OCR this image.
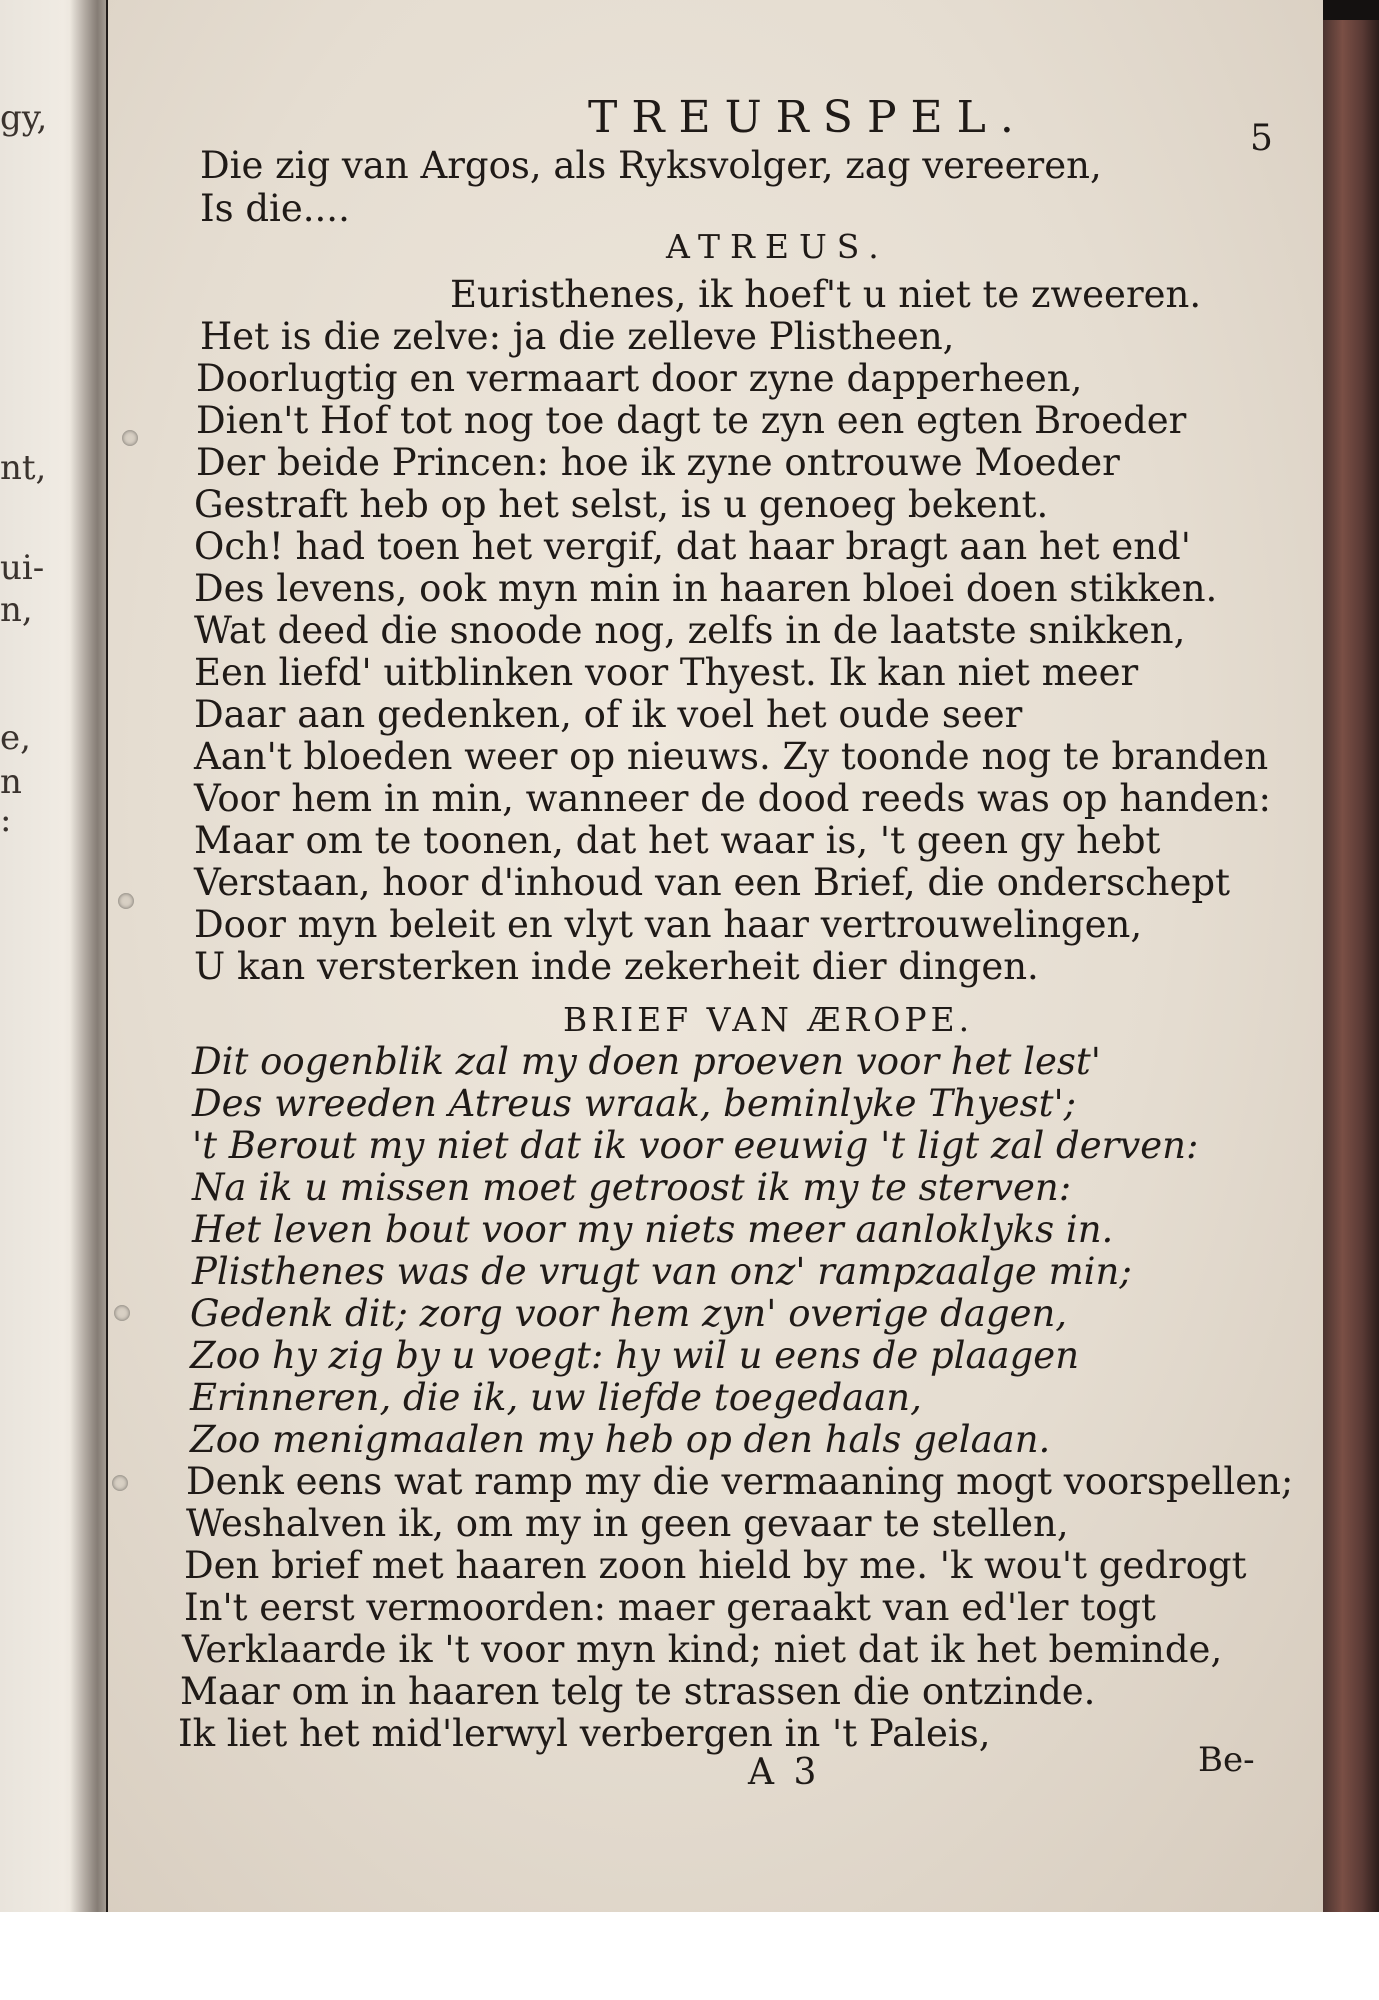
gy,
nt,
ui-
n,
e,
n
:
TREURSPEL.	5
Die zig van Argos, als Ryksvolger, zag vereeren,
Is die....
ATREUS.
Euristhenes, ik hoef't u niet te zweeren.
Het is die zelve: ja die zelleve Plistheen,
Doorlugtig en vermaart door zyne dapperheen,
Dien't Hof tot nog toe dagt te zyn een egten Broeder
Der beide Princen: hoe ik zyne ontrouwe Moeder
Gestraft heb op het selst, is u genoeg bekent.
Och! had toen het vergif, dat haar bragt aan het end'
Des levens, ook myn min in haaren bloei doen stikken.
Wat deed die snoode nog, zelfs in de laatste snikken,
Een liefd' uitblinken voor Thyest. Ik kan niet meer
Daar aan gedenken, of ik voel het oude seer
Aan't bloeden weer op nieuws. Zy toonde nog te branden
Voor hem in min, wanneer de dood reeds was op handen:
Maar om te toonen, dat het waar is, 't geen gy hebt
Verstaan, hoor d'inhoud van een Brief, die onderschept
Door myn beleit en vlyt van haar vertrouwelingen,
U kan versterken inde zekerheit dier dingen.
BRIEF VAN ÆROPE.
Dit oogenblik zal my doen proeven voor het lest'
Des wreeden Atreus wraak, beminlyke Thyest';
't Berout my niet dat ik voor eeuwig 't ligt zal derven:
Na ik u missen moet getroost ik my te sterven:
Het leven bout voor my niets meer aanloklyks in.
Plisthenes was de vrugt van onz' rampzaalge min;
Gedenk dit; zorg voor hem zyn' overige dagen,
Zoo hy zig by u voegt: hy wil u eens de plaagen
Erinneren, die ik, uw liefde toegedaan,
Zoo menigmaalen my heb op den hals gelaan.
Denk eens wat ramp my die vermaaning mogt voorspellen;
Weshalven ik, om my in geen gevaar te stellen,
Den brief met haaren zoon hield by me. 'k wou't gedrogt
In't eerst vermoorden: maer geraakt van ed'ler togt
Verklaarde ik 't voor myn kind; niet dat ik het beminde,
Maar om in haaren telg te strassen die ontzinde.
Ik liet het mid'lerwyl verbergen in 't Paleis,
A 3	Be-
